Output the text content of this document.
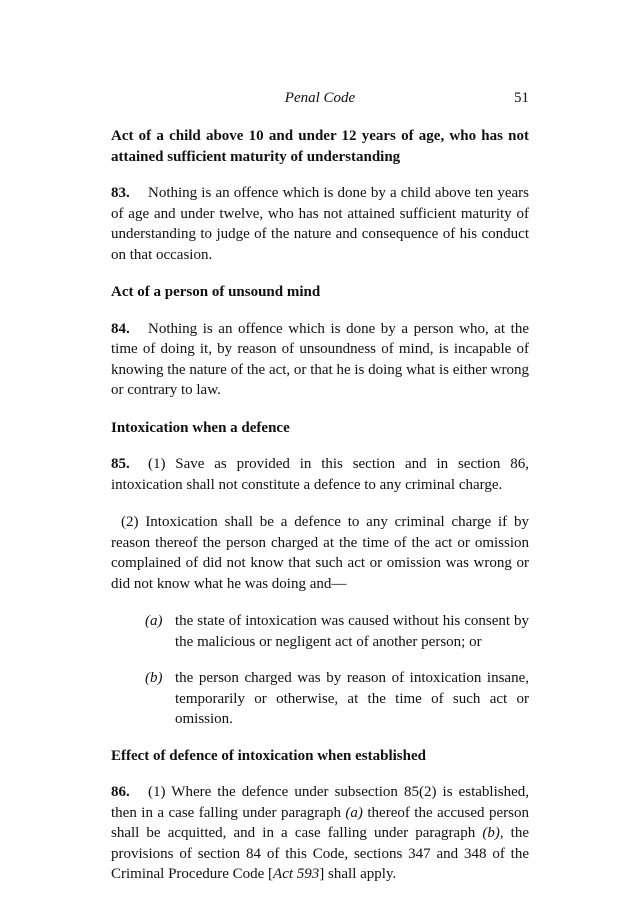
Penal Code	51
Act of a child above 10 and under 12 years of age, who has not attained sufficient maturity of understanding

83. Nothing is an offence which is done by a child above ten years of age and under twelve, who has not attained sufficient maturity of understanding to judge of the nature and consequence of his conduct on that occasion.

Act of a person of unsound mind

84. Nothing is an offence which is done by a person who, at the time of doing it, by reason of unsoundness of mind, is incapable of knowing the nature of the act, or that he is doing what is either wrong or contrary to law.

Intoxication when a defence

85. (1) Save as provided in this section and in section 86, intoxication shall not constitute a defence to any criminal charge.

(2) Intoxication shall be a defence to any criminal charge if by reason thereof the person charged at the time of the act or omission complained of did not know that such act or omission was wrong or did not know what he was doing and—

(a) the state of intoxication was caused without his consent by the malicious or negligent act of another person; or
(b) the person charged was by reason of intoxication insane, temporarily or otherwise, at the time of such act or omission.
Effect of defence of intoxication when established

86. (1) Where the defence under subsection 85(2) is established, then in a case falling under paragraph (a) thereof the accused person shall be acquitted, and in a case falling under paragraph (b), the provisions of section 84 of this Code, sections 347 and 348 of the Criminal Procedure Code [Act 593] shall apply.
